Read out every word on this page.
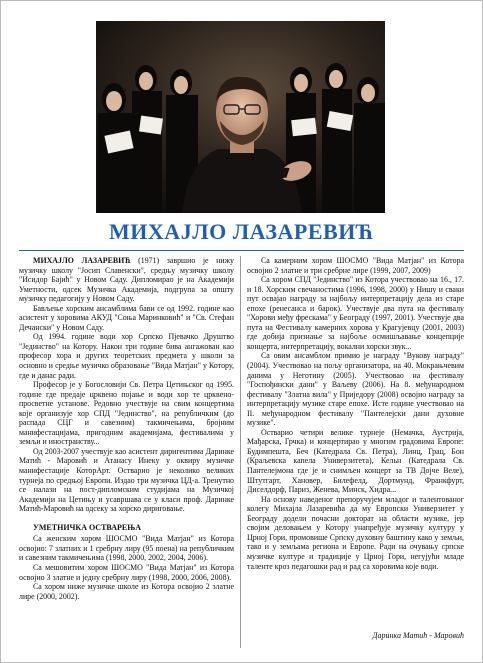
МИХАЈЛО ЛАЗАРЕВИЋ

МИХАЈЛО ЛАЗАРЕВИЋ (1971) завршио је нижу музичку школу "Јосип Славенски", средњу музичку школу "Исидор Бајић" у Новом Саду. Дипломирао је на Академији Уметности, одсек Музичка Академија, подгрупа за општу музичку педагогију у Новом Саду.

Бављење хорским ансамблима бави се од 1992. године као асистент у хоровима АКУД "Соња Маринковић" и "Св. Стефан Дечански" у Новом Саду.

Од 1994. године води хор Српско Пјевачко Друштво "Јединство" на Котору. Након три године бива ангажован као професор хора и других теоретских предмета у школи за основно и средње музичко образовање "Вида Матјан" у Котору, где и данас ради.

Професор је у Богословији Св. Петра Цетињског од 1995. године где предаје црквено појање и води хор те црквено-просветне установе. Редовно учествује на свим концертима које организује хор СПД "Јединство", на републичким (до распада СЦГ и савезним) такмичењима, бројним манифестацијама, пригодним академијама, фестивалима у земљи и иностранству...

Од 2003-2007 учествује као асистент диригентима Даринке Матић - Маровић и Атанасу Инеку у оквиру музичке манифестације КоторАрт. Остварио је неколико великих турнеја по средњој Европи. Издао три музичка ЦД-а. Тренутно се налази на пост-дипломским студијама на Музичкој Академији на Цетињу и усавршава се у класи проф. Даринке Матић-Маровић на одсеку за хорско дириговање.

УМЕТНИЧКА ОСТВАРЕЊА

Са женским хором ШОСМО "Вида Матјан" из Котора освојио: 7 златних и 1 сребрну лиру (95 поена) на републичким и савезним такмичењима (1998, 2000, 2002, 2004, 2006).

Са мешовитим хором ШОСМО "Вида Матјан" из Котора освојио 3 златне и једну сребрну лиру (1998, 2000, 2006, 2008).

Са хором ниже музичке школе из Котора освојио 2 златне лире (2000, 2002).

Са камерним хором ШОСМО "Вида Матјан" из Котора освојио 2 златне и три сребрне лире (1999, 2007, 2009)

Са хором СПД "Јединство" из Котора учествовао на 16., 17. и 18. Хорским свечаностима (1996, 1998, 2000) у Нишу и сваки пут освајао награду за најбољу интерпретацију дела из старе епохе (ренесанса и барок). Учествује два пута на фестивалу "Хорови међу фрескама" у Београду (1997, 2001). Учествује два пута на Фестивалу камерних хорова у Крагујевцу (2001, 2003) где добија признање за најбоље осмишљавање концепције концерта, интерпретацију, вокални хорски звук...

Са овим ансамблом примио је награду "Вукову награду" (2004). Учествовао на пољу организатора, на 40. Мокрањчевим данима у Неготину (2005). Учествовао на фестивалу "Госпођински дани" у Ваљеву (2006). На 8. међународном фестивалу "Златна вила" у Приједору (2008) освојио награду за интерпретацију музике старе епохе. Исте године учествовао на II. међународном фестивалу "Пантелејски дани духовне музике".

Остварио четири велике турнеје (Немачка, Аустрија, Мађарска, Грчка) и концертирао у многим градовима Европе: Будимпешта, Беч (Катедрала Св. Петра), Линц, Грац, Бон (Краљевска капела Универзитета), Кельн (Катедрала Св. Пантелејмона где је и снимљен концерт за ТВ Дојче Веле), Штутгарт, Хановер, Билефелд, Дортмунд, Франкфурт, Диселдорф, Париз, Женева, Минск, Хидра...

На основу наведеног препоручујем младог и талентованог колегу Михајла Лазаревића да му Европски Универзитет у Београду додели почасни докторат на области музике, јер својим деловањем у Котору унапређује музичку културу у Црној Гори, промовише Српску духовну баштину како у земљи, тако и у земљама региона и Европе. Ради на очувању српске музичке културе и традиције у Црној Гори, негујући младе таленте кроз педагошки рад и рад са хоровима које води.

Даринка Матић - Маровић
